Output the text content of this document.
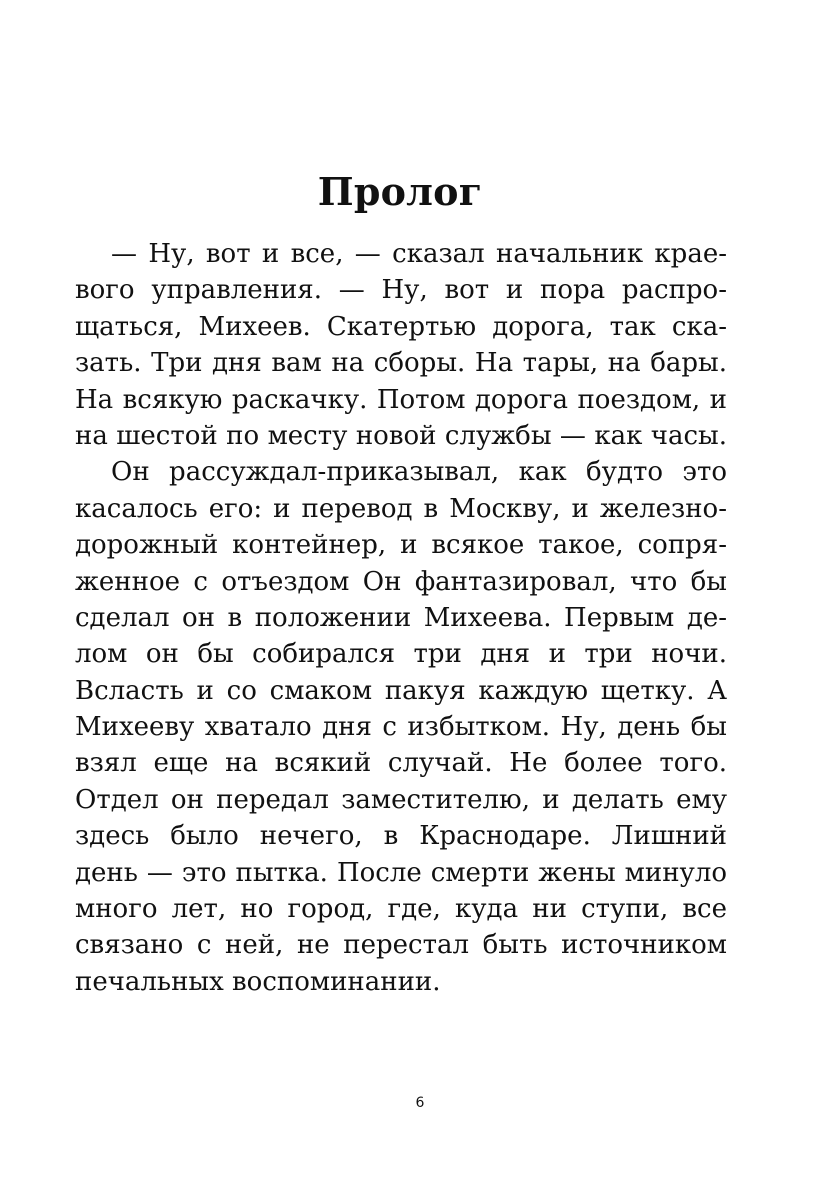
Пролог
— Ну, вот и все, — сказал начальник крае-
вого управления. — Ну, вот и пора распро-
щаться, Михеев. Скатертью дорога, так ска-
зать. Три дня вам на сборы. На тары, на бары.
На всякую раскачку. Потом дорога поездом, и
на шестой по месту новой службы — как часы.
Он рассуждал-приказывал, как будто это
касалось его: и перевод в Москву, и железно-
дорожный контейнер, и всякое такое, сопря-
женное с отъездом Он фантазировал, что бы
сделал он в положении Михеева. Первым де-
лом он бы собирался три дня и три ночи.
Всласть и со смаком пакуя каждую щетку. А
Михееву хватало дня с избытком. Ну, день бы
взял еще на всякий случай. Не более того.
Отдел он передал заместителю, и делать ему
здесь было нечего, в Краснодаре. Лишний
день — это пытка. После смерти жены минуло
много лет, но город, где, куда ни ступи, все
связано с ней, не перестал быть источником
печальных воспоминании.
6
